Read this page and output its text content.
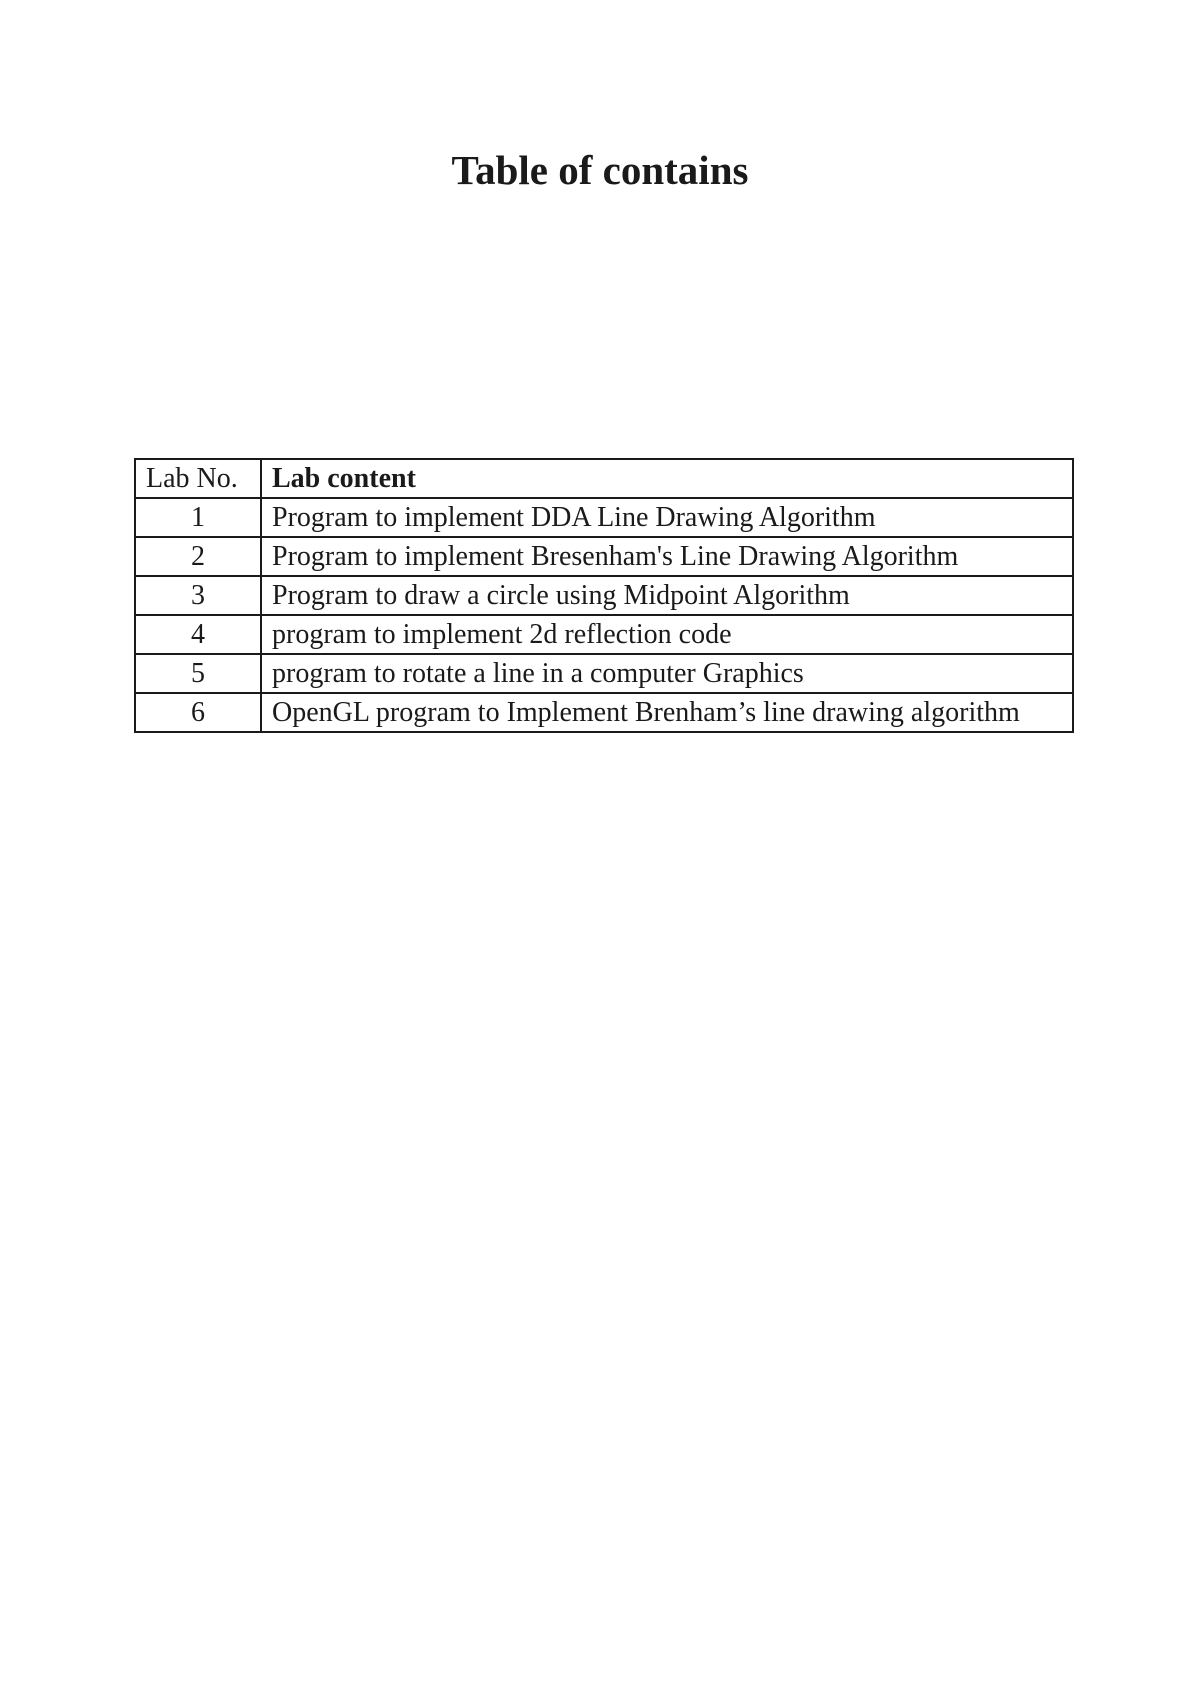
Table of contains
Lab No.	Lab content
1	Program to implement DDA Line Drawing Algorithm
2	Program to implement Bresenham's Line Drawing Algorithm
3	Program to draw a circle using Midpoint Algorithm
4	program to implement 2d reflection code
5	program to rotate a line in a computer Graphics
6	OpenGL program to Implement Brenham’s line drawing algorithm
